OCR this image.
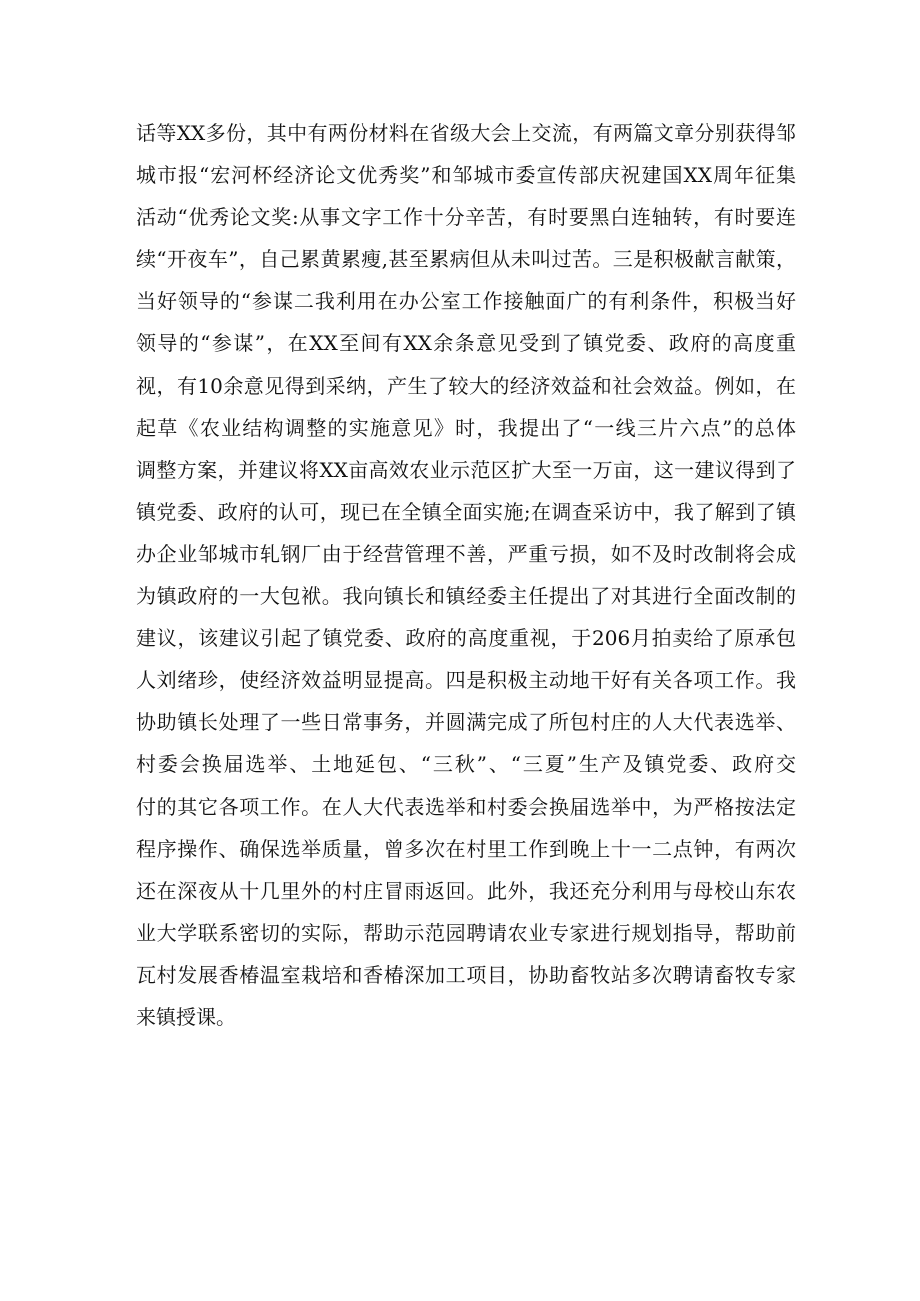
话等XX多份，其中有两份材料在省级大会上交流，有两篇文章分别获得邹
城市报“宏河杯经济论文优秀奖”和邹城市委宣传部庆祝建国XX周年征集
活动“优秀论文奖:从事文字工作十分辛苦，有时要黑白连轴转，有时要连
续“开夜车”，自己累黄累瘦,甚至累病但从未叫过苦。三是积极献言献策，
当好领导的“参谋二我利用在办公室工作接触面广的有利条件，积极当好
领导的“参谋”，在XX至间有XX余条意见受到了镇党委、政府的高度重
视，有10余意见得到采纳，产生了较大的经济效益和社会效益。例如，在
起草《农业结构调整的实施意见》时，我提出了“一线三片六点”的总体
调整方案，并建议将XX亩高效农业示范区扩大至一万亩，这一建议得到了
镇党委、政府的认可，现已在全镇全面实施;在调查采访中，我了解到了镇
办企业邹城市轧钢厂由于经营管理不善，严重亏损，如不及时改制将会成
为镇政府的一大包袱。我向镇长和镇经委主任提出了对其进行全面改制的
建议，该建议引起了镇党委、政府的高度重视，于206月拍卖给了原承包
人刘绪珍，使经济效益明显提高。四是积极主动地干好有关各项工作。我
协助镇长处理了一些日常事务，并圆满完成了所包村庄的人大代表选举、
村委会换届选举、土地延包、“三秋”、“三夏”生产及镇党委、政府交
付的其它各项工作。在人大代表选举和村委会换届选举中，为严格按法定
程序操作、确保选举质量，曾多次在村里工作到晚上十一二点钟，有两次
还在深夜从十几里外的村庄冒雨返回。此外，我还充分利用与母校山东农
业大学联系密切的实际，帮助示范园聘请农业专家进行规划指导，帮助前
瓦村发展香椿温室栽培和香椿深加工项目，协助畜牧站多次聘请畜牧专家
来镇授课。
